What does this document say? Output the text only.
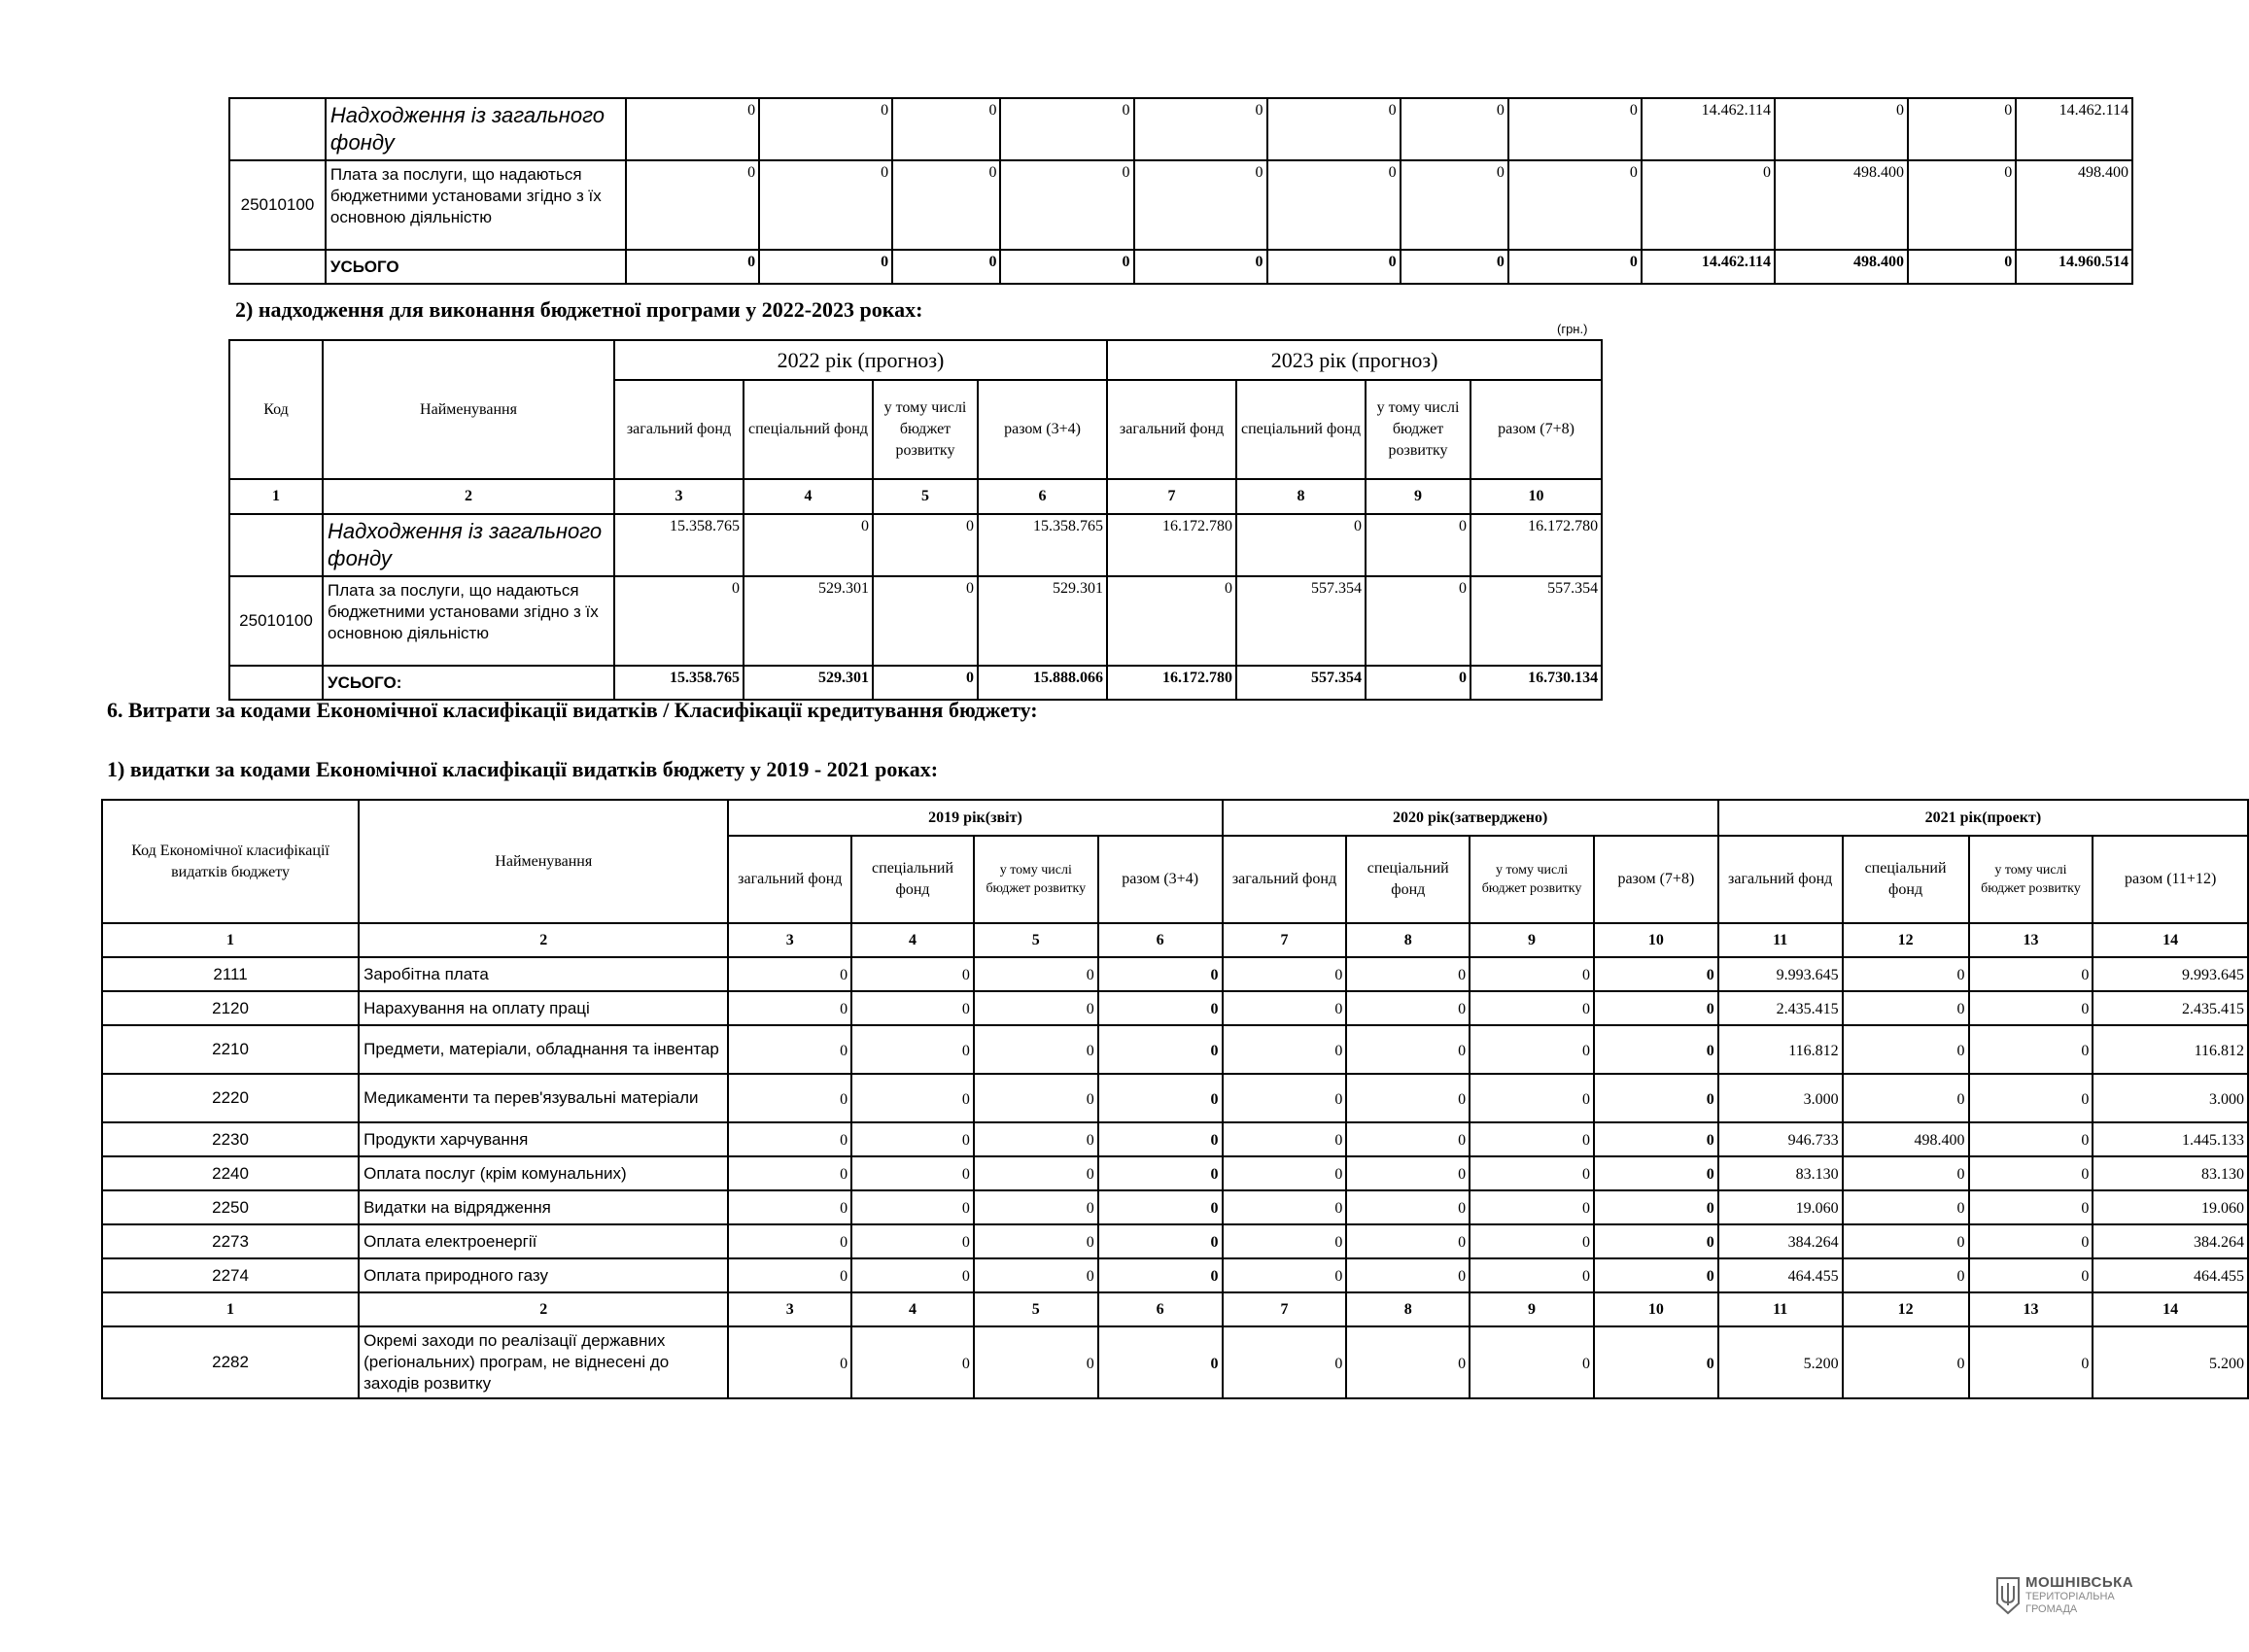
	Надходження із загального фонду	0	0	0	0	0	0	0	0	14.462.114	0	0	14.462.114
25010100	Плата за послуги, що надаються бюджетними установами згідно з їх основною діяльністю	0	0	0	0	0	0	0	0	0	498.400	0	498.400
	УСЬОГО	0	0	0	0	0	0	0	0	14.462.114	498.400	0	14.960.514
2) надходження для виконання бюджетної програми у 2022-2023 роках:
(грн.)
Код	Найменування	2022 рік (прогноз)				2023 рік (прогноз)			
		загальний фонд	спеціальний фонд	у тому числі бюджет розвитку	разом (3+4)	загальний фонд	спеціальний фонд	у тому числі бюджет розвитку	разом (7+8)
1	2	3	4	5	6	7	8	9	10
	Надходження із загального фонду	15.358.765	0	0	15.358.765	16.172.780	0	0	16.172.780
25010100	Плата за послуги, що надаються бюджетними установами згідно з їх основною діяльністю	0	529.301	0	529.301	0	557.354	0	557.354
	УСЬОГО:	15.358.765	529.301	0	15.888.066	16.172.780	557.354	0	16.730.134
6. Витрати за кодами Економічної класифікації видатків / Класифікації кредитування бюджету:
1) видатки за кодами Економічної класифікації видатків бюджету у 2019 - 2021 роках:
Код Економічної класифікації видатків бюджету	Найменування	2019 рік(звіт)				2020 рік(затверджено)				2021 рік(проект)			
		загальний фонд	спеціальний фонд	у тому числі бюджет розвитку	разом (3+4)	загальний фонд	спеціальний фонд	у тому числі бюджет розвитку	разом (7+8)	загальний фонд	спеціальний фонд	у тому числі бюджет розвитку	разом (11+12)
1	2	3	4	5	6	7	8	9	10	11	12	13	14
2111	Заробітна плата	0	0	0	0	0	0	0	0	9.993.645	0	0	9.993.645
2120	Нарахування на оплату праці	0	0	0	0	0	0	0	0	2.435.415	0	0	2.435.415
2210	Предмети, матеріали, обладнання та інвентар	0	0	0	0	0	0	0	0	116.812	0	0	116.812
2220	Медикаменти та перев'язувальні матеріали	0	0	0	0	0	0	0	0	3.000	0	0	3.000
2230	Продукти харчування	0	0	0	0	0	0	0	0	946.733	498.400	0	1.445.133
2240	Оплата послуг (крім комунальних)	0	0	0	0	0	0	0	0	83.130	0	0	83.130
2250	Видатки на відрядження	0	0	0	0	0	0	0	0	19.060	0	0	19.060
2273	Оплата електроенергії	0	0	0	0	0	0	0	0	384.264	0	0	384.264
2274	Оплата природного газу	0	0	0	0	0	0	0	0	464.455	0	0	464.455
1	2	3	4	5	6	7	8	9	10	11	12	13	14
2282	Окремі заходи по реалізації державних (регіональних) програм, не віднесені до заходів розвитку	0	0	0	0	0	0	0	0	5.200	0	0	5.200
МОШНІВСЬКА
ТЕРИТОРІАЛЬНА
ГРОМАДА
